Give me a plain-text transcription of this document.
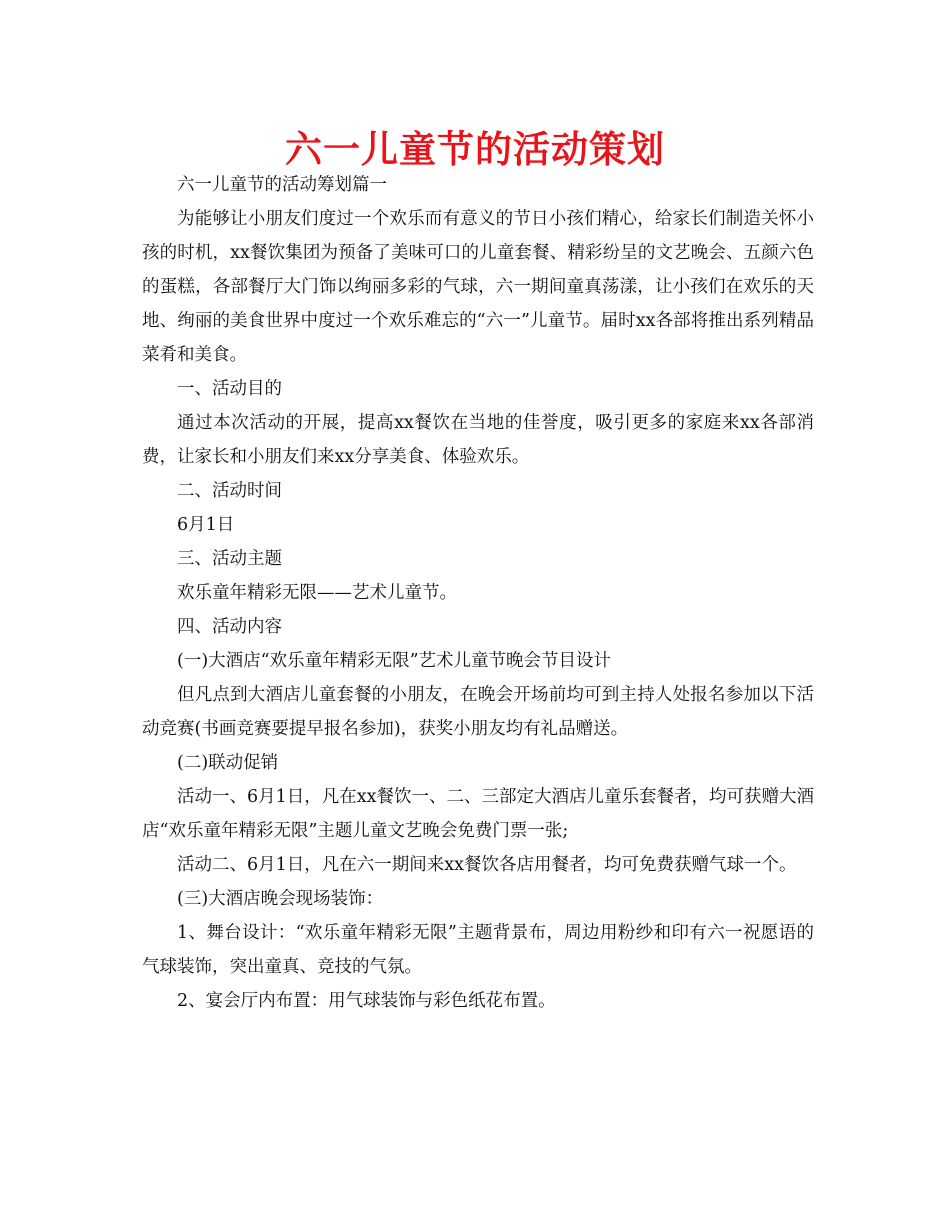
六一儿童节的活动策划

六一儿童节的活动筹划篇一

为能够让小朋友们度过一个欢乐而有意义的节日小孩们精心，给家长们制造关怀小孩的时机，xx餐饮集团为预备了美味可口的儿童套餐、精彩纷呈的文艺晚会、五颜六色的蛋糕，各部餐厅大门饰以绚丽多彩的气球，六一期间童真荡漾，让小孩们在欢乐的天地、绚丽的美食世界中度过一个欢乐难忘的“六一”儿童节。届时xx各部将推出系列精品菜肴和美食。

一、活动目的

通过本次活动的开展，提高xx餐饮在当地的佳誉度，吸引更多的家庭来xx各部消费，让家长和小朋友们来xx分享美食、体验欢乐。

二、活动时间

6月1日

三、活动主题

欢乐童年精彩无限——艺术儿童节。

四、活动内容

(一)大酒店“欢乐童年精彩无限”艺术儿童节晚会节目设计

但凡点到大酒店儿童套餐的小朋友，在晚会开场前均可到主持人处报名参加以下活动竞赛(书画竞赛要提早报名参加)，获奖小朋友均有礼品赠送。

(二)联动促销

活动一、6月1日，凡在xx餐饮一、二、三部定大酒店儿童乐套餐者，均可获赠大酒店“欢乐童年精彩无限”主题儿童文艺晚会免费门票一张;

活动二、6月1日，凡在六一期间来xx餐饮各店用餐者，均可免费获赠气球一个。

(三)大酒店晚会现场装饰：

1、舞台设计：“欢乐童年精彩无限”主题背景布，周边用粉纱和印有六一祝愿语的气球装饰，突出童真、竞技的气氛。

2、宴会厅内布置：用气球装饰与彩色纸花布置。
